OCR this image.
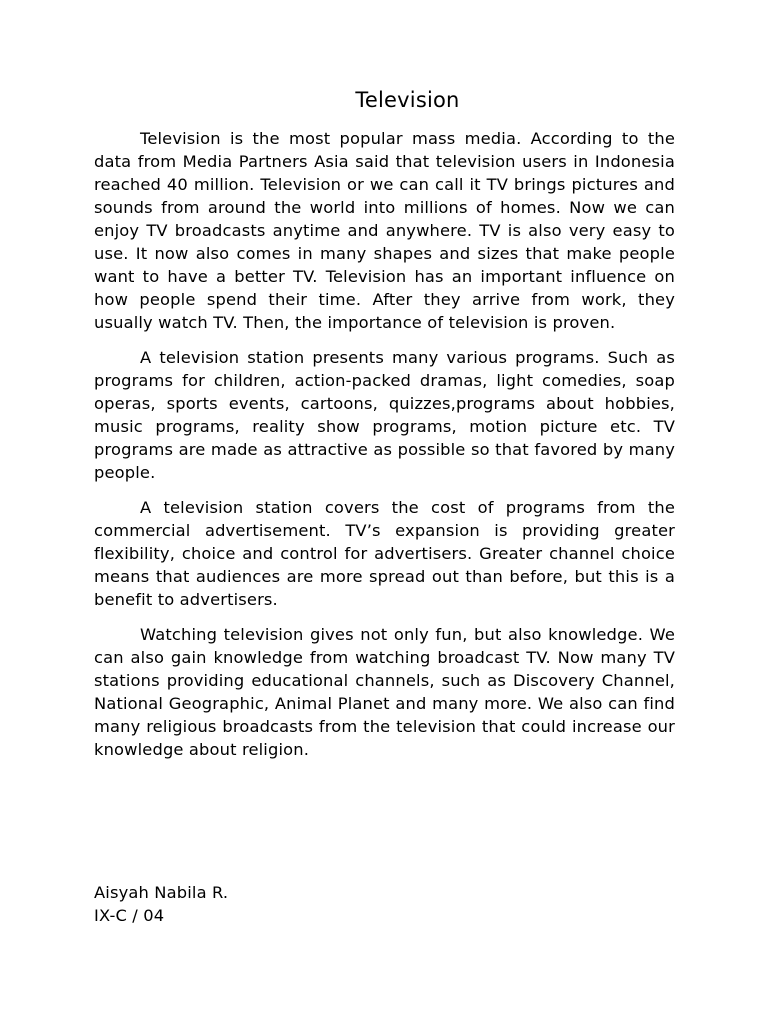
Television

Television is the most popular mass media. According to the data from Media Partners Asia said that television users in Indonesia reached 40 million. Television or we can call it TV brings pictures and sounds from around the world into millions of homes. Now we can enjoy TV broadcasts anytime and anywhere. TV is also very easy to use. It now also comes in many shapes and sizes that make people want to have a better TV. Television has an important influence on how people spend their time. After they arrive from work, they usually watch TV. Then, the importance of television is proven.

A television station presents many various programs. Such as programs for children, action-packed dramas, light comedies, soap operas, sports events, cartoons, quizzes,programs about hobbies, music programs, reality show programs, motion picture etc. TV programs are made as attractive as possible so that favored by many people.

A television station covers the cost of programs from the commercial advertisement. TV’s expansion is providing greater flexibility, choice and control for advertisers. Greater channel choice means that audiences are more spread out than before, but this is a benefit to advertisers.

Watching television gives not only fun, but also knowledge. We can also gain knowledge from watching broadcast TV. Now many TV stations providing educational channels, such as Discovery Channel, National Geographic, Animal Planet and many more. We also can find many religious broadcasts from the television that could increase our knowledge about religion.

Aisyah Nabila R.
IX-C / 04
